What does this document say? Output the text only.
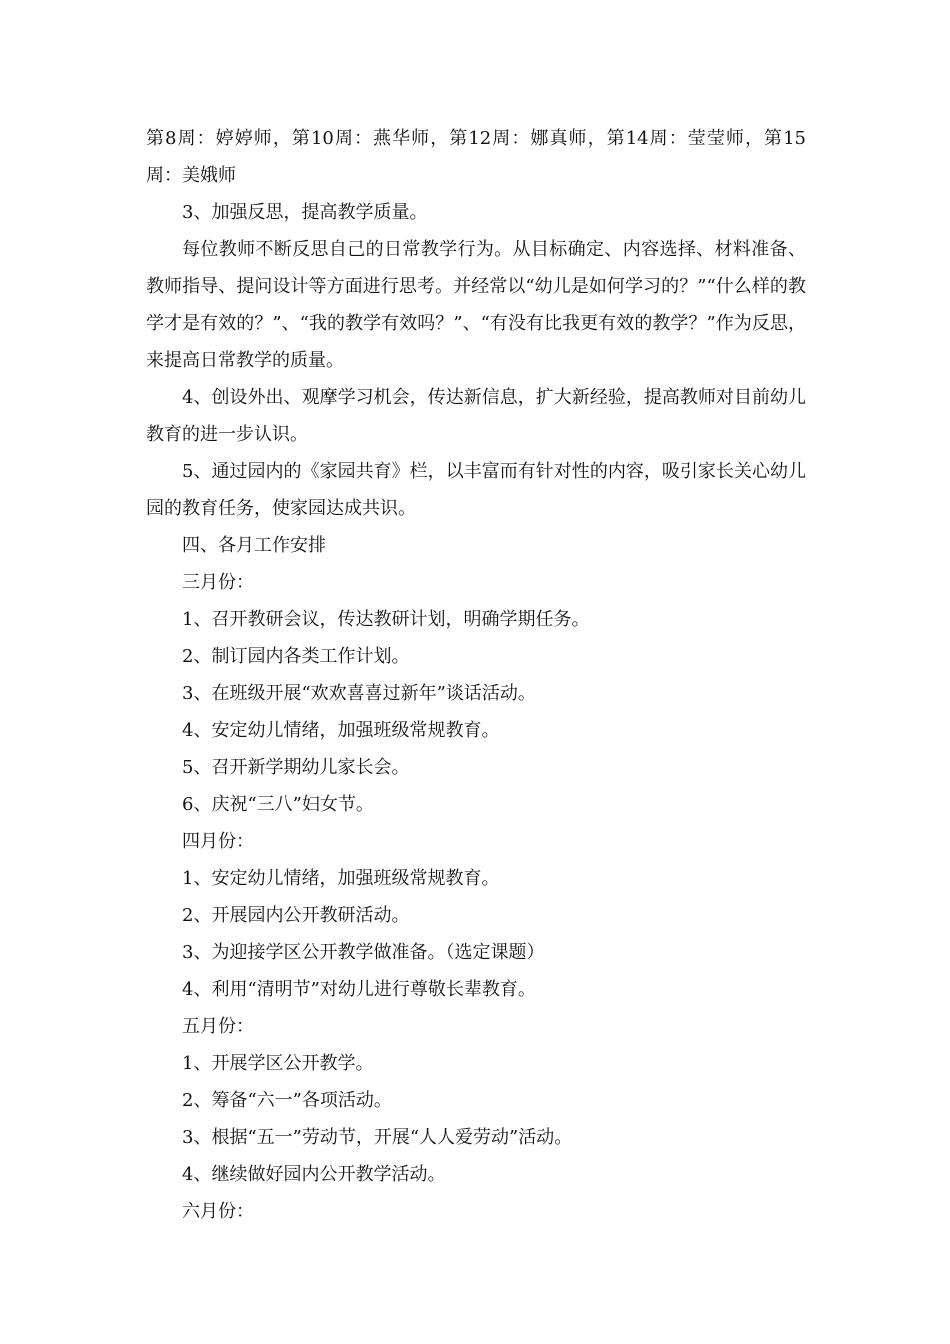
第8周：婷婷师，第10周：燕华师，第12周：娜真师，第14周：莹莹师，第15周：美娥师

3、加强反思，提高教学质量。

每位教师不断反思自己的日常教学行为。从目标确定、内容选择、材料准备、教师指导、提问设计等方面进行思考。并经常以“幼儿是如何学习的？”“什么样的教学才是有效的？”、“我的教学有效吗？”、“有没有比我更有效的教学？”作为反思，来提高日常教学的质量。

4、创设外出、观摩学习机会，传达新信息，扩大新经验，提高教师对目前幼儿教育的进一步认识。

5、通过园内的《家园共育》栏，以丰富而有针对性的内容，吸引家长关心幼儿园的教育任务，使家园达成共识。

四、各月工作安排

三月份：

1、召开教研会议，传达教研计划，明确学期任务。

2、制订园内各类工作计划。

3、在班级开展“欢欢喜喜过新年”谈话活动。

4、安定幼儿情绪，加强班级常规教育。

5、召开新学期幼儿家长会。

6、庆祝“三八”妇女节。

四月份：

1、安定幼儿情绪，加强班级常规教育。

2、开展园内公开教研活动。

3、为迎接学区公开教学做准备。（选定课题）

4、利用“清明节”对幼儿进行尊敬长辈教育。

五月份：

1、开展学区公开教学。

2、筹备“六一”各项活动。

3、根据“五一”劳动节，开展“人人爱劳动”活动。

4、继续做好园内公开教学活动。

六月份：
